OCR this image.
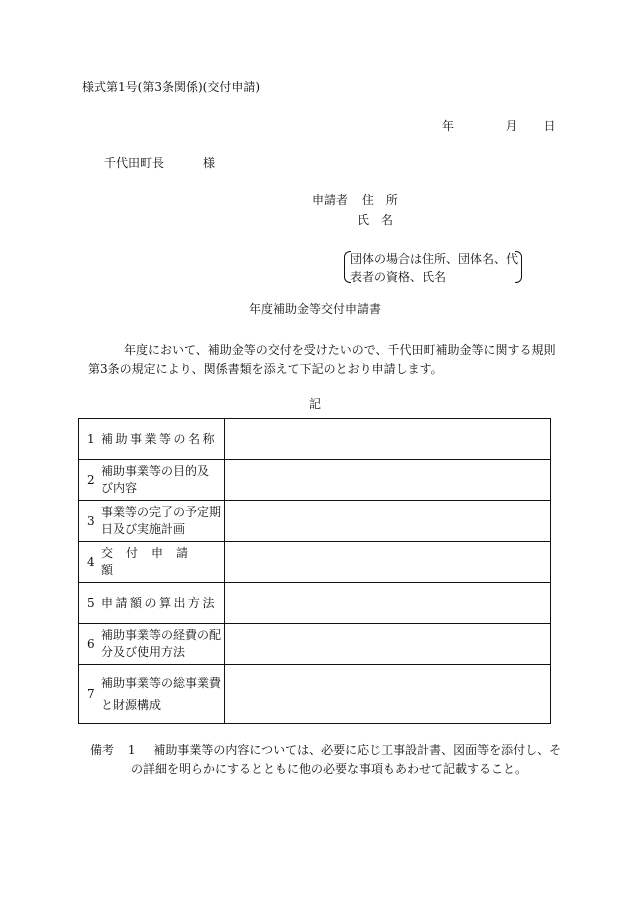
様式第1号(第3条関係)(交付申請)
年	月 日
千代田町長	様
申請者 住　所
氏　名
団体の場合は住所、団体名、代
表者の資格、氏名
年度補助金等交付申請書
年度において、補助金等の交付を受けたいので、千代田町補助金等に関する規則
第3条の規定により、関係書類を添えて下記のとおり申請します。
記
1 補助事業等の名称	

2
補助事業等の目的及び内容	

3
事業等の完了の予定期日及び実施計画	

4
交付申請額	

5 申請額の算出方法	

6
補助事業等の経費の配分及び使用方法	

7
補助事業等の総事業費と財源構成	

備考 1 補助事業等の内容については、必要に応じ工事設計書、図面等を添付し、そ
の詳細を明らかにするとともに他の必要な事項もあわせて記載すること。
